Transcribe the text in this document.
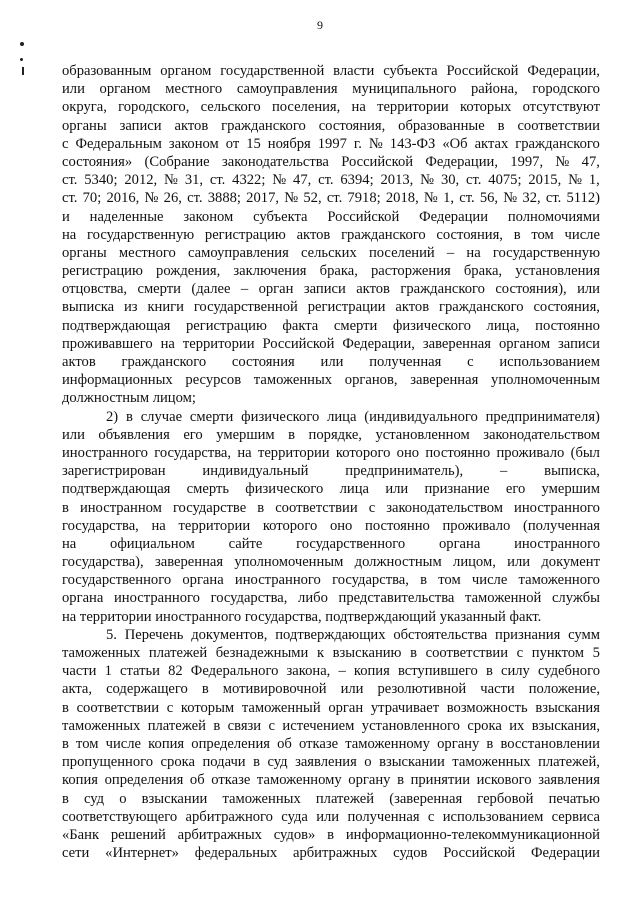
9
образованным органом государственной власти субъекта Российской Федерации,
или органом местного самоуправления муниципального района, городского
округа, городского, сельского поселения, на территории которых отсутствуют
органы записи актов гражданского состояния, образованные в соответствии
с Федеральным законом от 15 ноября 1997 г. № 143-ФЗ «Об актах гражданского
состояния» (Собрание законодательства Российской Федерации, 1997, № 47,
ст. 5340; 2012, № 31, ст. 4322; № 47, ст. 6394; 2013, № 30, ст. 4075; 2015, № 1,
ст. 70; 2016, № 26, ст. 3888; 2017, № 52, ст. 7918; 2018, № 1, ст. 56, № 32, ст. 5112)
и наделенные законом субъекта Российской Федерации полномочиями
на государственную регистрацию актов гражданского состояния, в том числе
органы местного самоуправления сельских поселений – на государственную
регистрацию рождения, заключения брака, расторжения брака, установления
отцовства, смерти (далее – орган записи актов гражданского состояния), или
выписка из книги государственной регистрации актов гражданского состояния,
подтверждающая регистрацию факта смерти физического лица, постоянно
проживавшего на территории Российской Федерации, заверенная органом записи
актов гражданского состояния или полученная с использованием
информационных ресурсов таможенных органов, заверенная уполномоченным
должностным лицом;
2) в случае смерти физического лица (индивидуального предпринимателя)
или объявления его умершим в порядке, установленном законодательством
иностранного государства, на территории которого оно постоянно проживало (был
зарегистрирован	индивидуальный	предприниматель),	–	выписка,
подтверждающая смерть физического лица или признание его умершим
в иностранном государстве в соответствии с законодательством иностранного
государства, на территории которого оно постоянно проживало (полученная
на официальном сайте государственного органа иностранного
государства), заверенная уполномоченным должностным лицом, или документ
государственного органа иностранного государства, в том числе таможенного
органа иностранного государства, либо представительства таможенной службы
на территории иностранного государства, подтверждающий указанный факт.
5. Перечень документов, подтверждающих обстоятельства признания сумм
таможенных платежей безнадежными к взысканию в соответствии с пунктом 5
части 1 статьи 82 Федерального закона, – копия вступившего в силу судебного
акта, содержащего в мотивировочной или резолютивной части положение,
в соответствии с которым таможенный орган утрачивает возможность взыскания
таможенных платежей в связи с истечением установленного срока их взыскания,
в том числе копия определения об отказе таможенному органу в восстановлении
пропущенного срока подачи в суд заявления о взыскании таможенных платежей,
копия определения об отказе таможенному органу в принятии искового заявления
в суд о взыскании таможенных платежей (заверенная гербовой печатью
соответствующего арбитражного суда или полученная с использованием сервиса
«Банк решений арбитражных судов» в информационно-телекоммуникационной
сети «Интернет» федеральных арбитражных судов Российской Федерации
